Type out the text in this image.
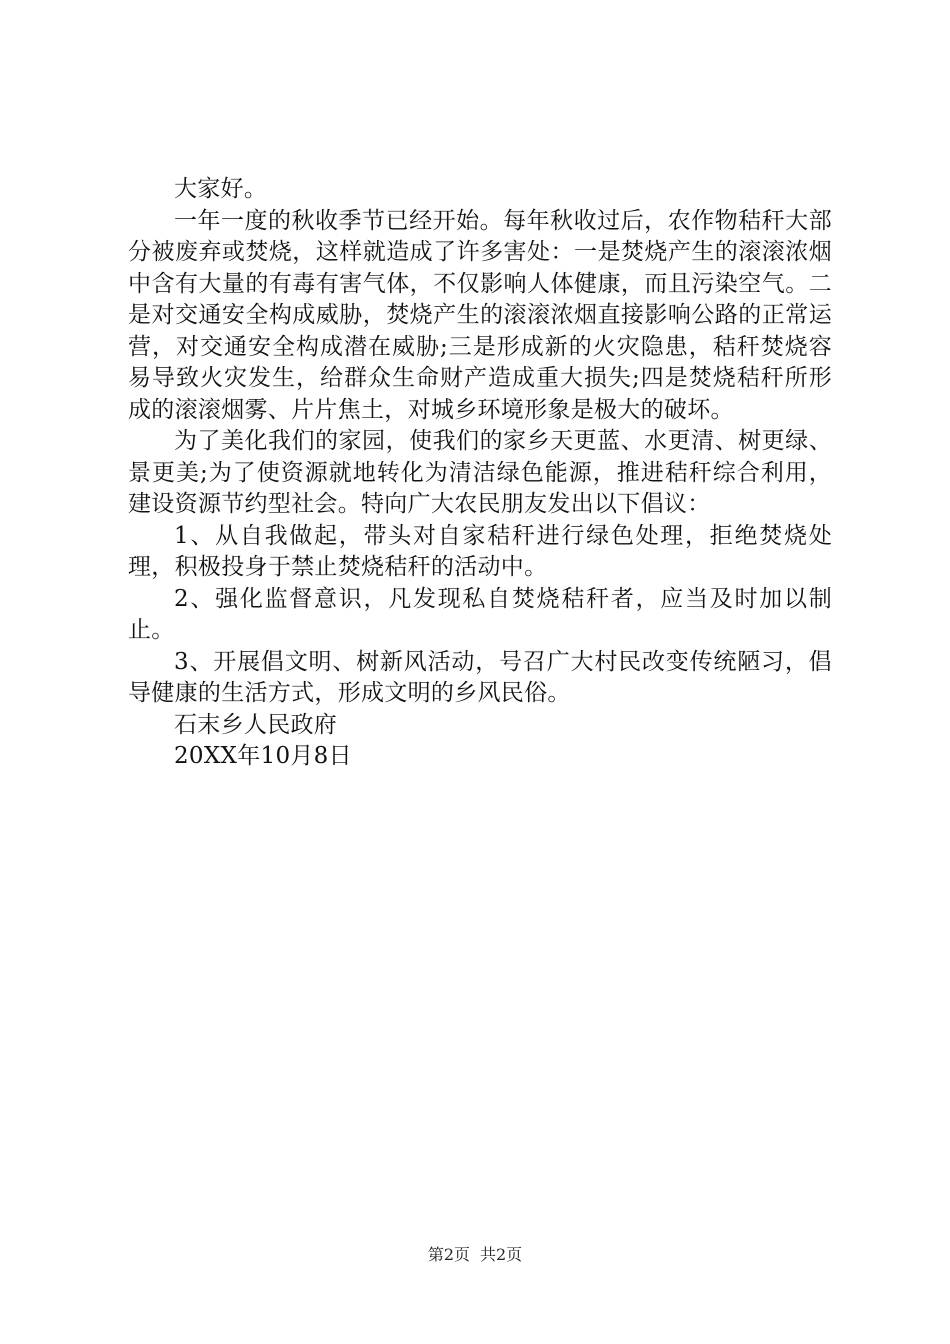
大家好。

一年一度的秋收季节已经开始。每年秋收过后，农作物秸秆大部分被废弃或焚烧，这样就造成了许多害处：一是焚烧产生的滚滚浓烟中含有大量的有毒有害气体，不仅影响人体健康，而且污染空气。二是对交通安全构成威胁，焚烧产生的滚滚浓烟直接影响公路的正常运营，对交通安全构成潜在威胁;三是形成新的火灾隐患，秸秆焚烧容易导致火灾发生，给群众生命财产造成重大损失;四是焚烧秸秆所形成的滚滚烟雾、片片焦土，对城乡环境形象是极大的破坏。

为了美化我们的家园，使我们的家乡天更蓝、水更清、树更绿、景更美;为了使资源就地转化为清洁绿色能源，推进秸秆综合利用，建设资源节约型社会。特向广大农民朋友发出以下倡议：

1、从自我做起，带头对自家秸秆进行绿色处理，拒绝焚烧处理，积极投身于禁止焚烧秸秆的活动中。

2、强化监督意识，凡发现私自焚烧秸秆者，应当及时加以制止。

3、开展倡文明、树新风活动，号召广大村民改变传统陋习，倡导健康的生活方式，形成文明的乡风民俗。

石末乡人民政府

20XX年10月8日

第2页 共2页
